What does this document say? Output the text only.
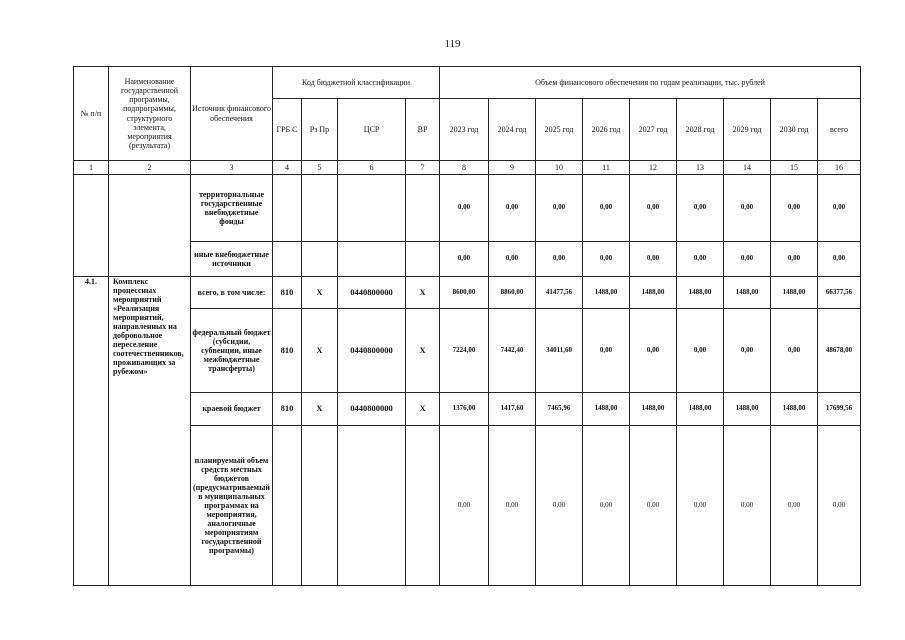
119
№ п/п	Наименование государственной программы, подпрограммы, структурного элемента, мероприятия (результата)	Источник финансового обеспечения	Код бюджетной классификации				Объем финансового обеспечения по годам реализации, тыс. рублей								
			ГРБ С	Рз Пр	ЦСР	ВР	2023 год	2024 год	2025 год	2026 год	2027 год	2028 год	2029 год	2030 год	всего
1	2	3	4	5	6	7	8	9	10	11	12	13	14	15	16
		территориальные государственные внебюджетные фонды					0,00	0,00	0,00	0,00	0,00	0,00	0,00	0,00	0,00
		иные внебюджетные источники					0,00	0,00	0,00	0,00	0,00	0,00	0,00	0,00	0,00
4.1.	Комплекс процессных мероприятий «Реализация мероприятий, направленных на добровольное переселение соотечественников, проживающих за рубежом»	всего, в том числе:	810	X	0440800000	X	8600,00	8860,00	41477,56	1488,00	1488,00	1488,00	1488,00	1488,00	66377,56
		федеральный бюджет (субсидии, субвенции, иные межбюджетные трансферты)	810	X	0440800000	X	7224,00	7442,40	34011,60	0,00	0,00	0,00	0,00	0,00	48678,00
		краевой бюджет	810	X	0440800000	X	1376,00	1417,60	7465,96	1488,00	1488,00	1488,00	1488,00	1488,00	17699,56
		планируемый объем средств местных бюджетов (предусматриваемый в муниципальных программах на мероприятия, аналогичные мероприятиям государственной программы)					0,00	0,00	0,00	0,00	0,00	0,00	0,00	0,00	0,00
